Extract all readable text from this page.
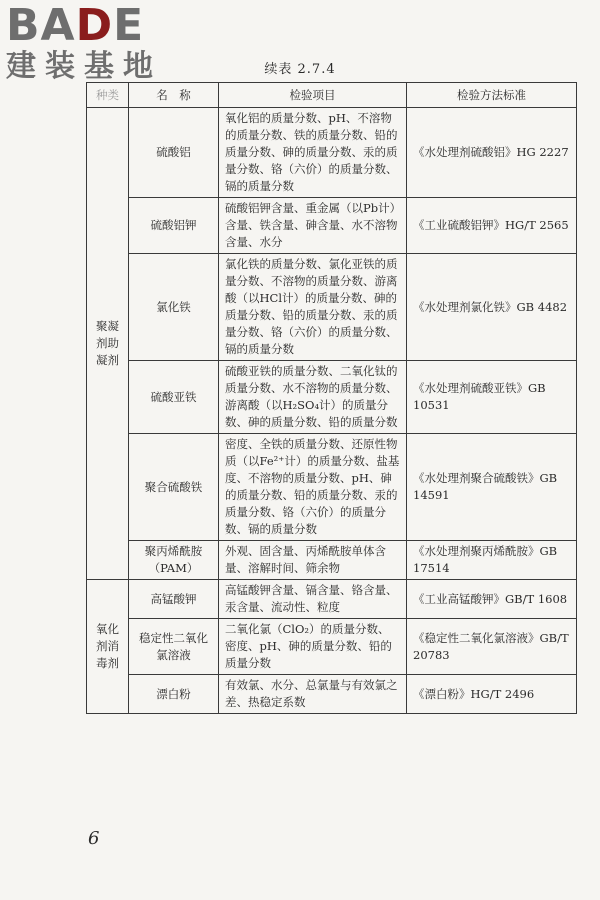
BADE
建装基地	续表 2.7.4
种类	名　称	检验项目	检验方法标准
聚凝剂助凝剂	硫酸铝	氧化铝的质量分数、pH、不溶物的质量分数、铁的质量分数、铅的质量分数、砷的质量分数、汞的质量分数、铬（六价）的质量分数、镉的质量分数	《水处理剂硫酸铝》HG 2227
	硫酸铝钾	硫酸铝钾含量、重金属（以Pb计）含量、铁含量、砷含量、水不溶物含量、水分	《工业硫酸铝钾》HG/T 2565
	氯化铁	氯化铁的质量分数、氯化亚铁的质量分数、不溶物的质量分数、游离酸（以HCl计）的质量分数、砷的质量分数、铅的质量分数、汞的质量分数、铬（六价）的质量分数、镉的质量分数	《水处理剂氯化铁》GB 4482
	硫酸亚铁	硫酸亚铁的质量分数、二氧化钛的质量分数、水不溶物的质量分数、游离酸（以H₂SO₄计）的质量分数、砷的质量分数、铅的质量分数	《水处理剂硫酸亚铁》GB 10531
	聚合硫酸铁	密度、全铁的质量分数、还原性物质（以Fe²⁺计）的质量分数、盐基度、不溶物的质量分数、pH、砷的质量分数、铅的质量分数、汞的质量分数、铬（六价）的质量分数、镉的质量分数	《水处理剂聚合硫酸铁》GB 14591
	聚丙烯酰胺（PAM）	外观、固含量、丙烯酰胺单体含量、溶解时间、筛余物	《水处理剂聚丙烯酰胺》GB 17514
氧化剂消毒剂	高锰酸钾	高锰酸钾含量、镉含量、铬含量、汞含量、流动性、粒度	《工业高锰酸钾》GB/T 1608
	稳定性二氧化氯溶液	二氧化氯（ClO₂）的质量分数、密度、pH、砷的质量分数、铅的质量分数	《稳定性二氧化氯溶液》GB/T 20783
	漂白粉	有效氯、水分、总氯量与有效氯之差、热稳定系数	《漂白粉》HG/T 2496
6
